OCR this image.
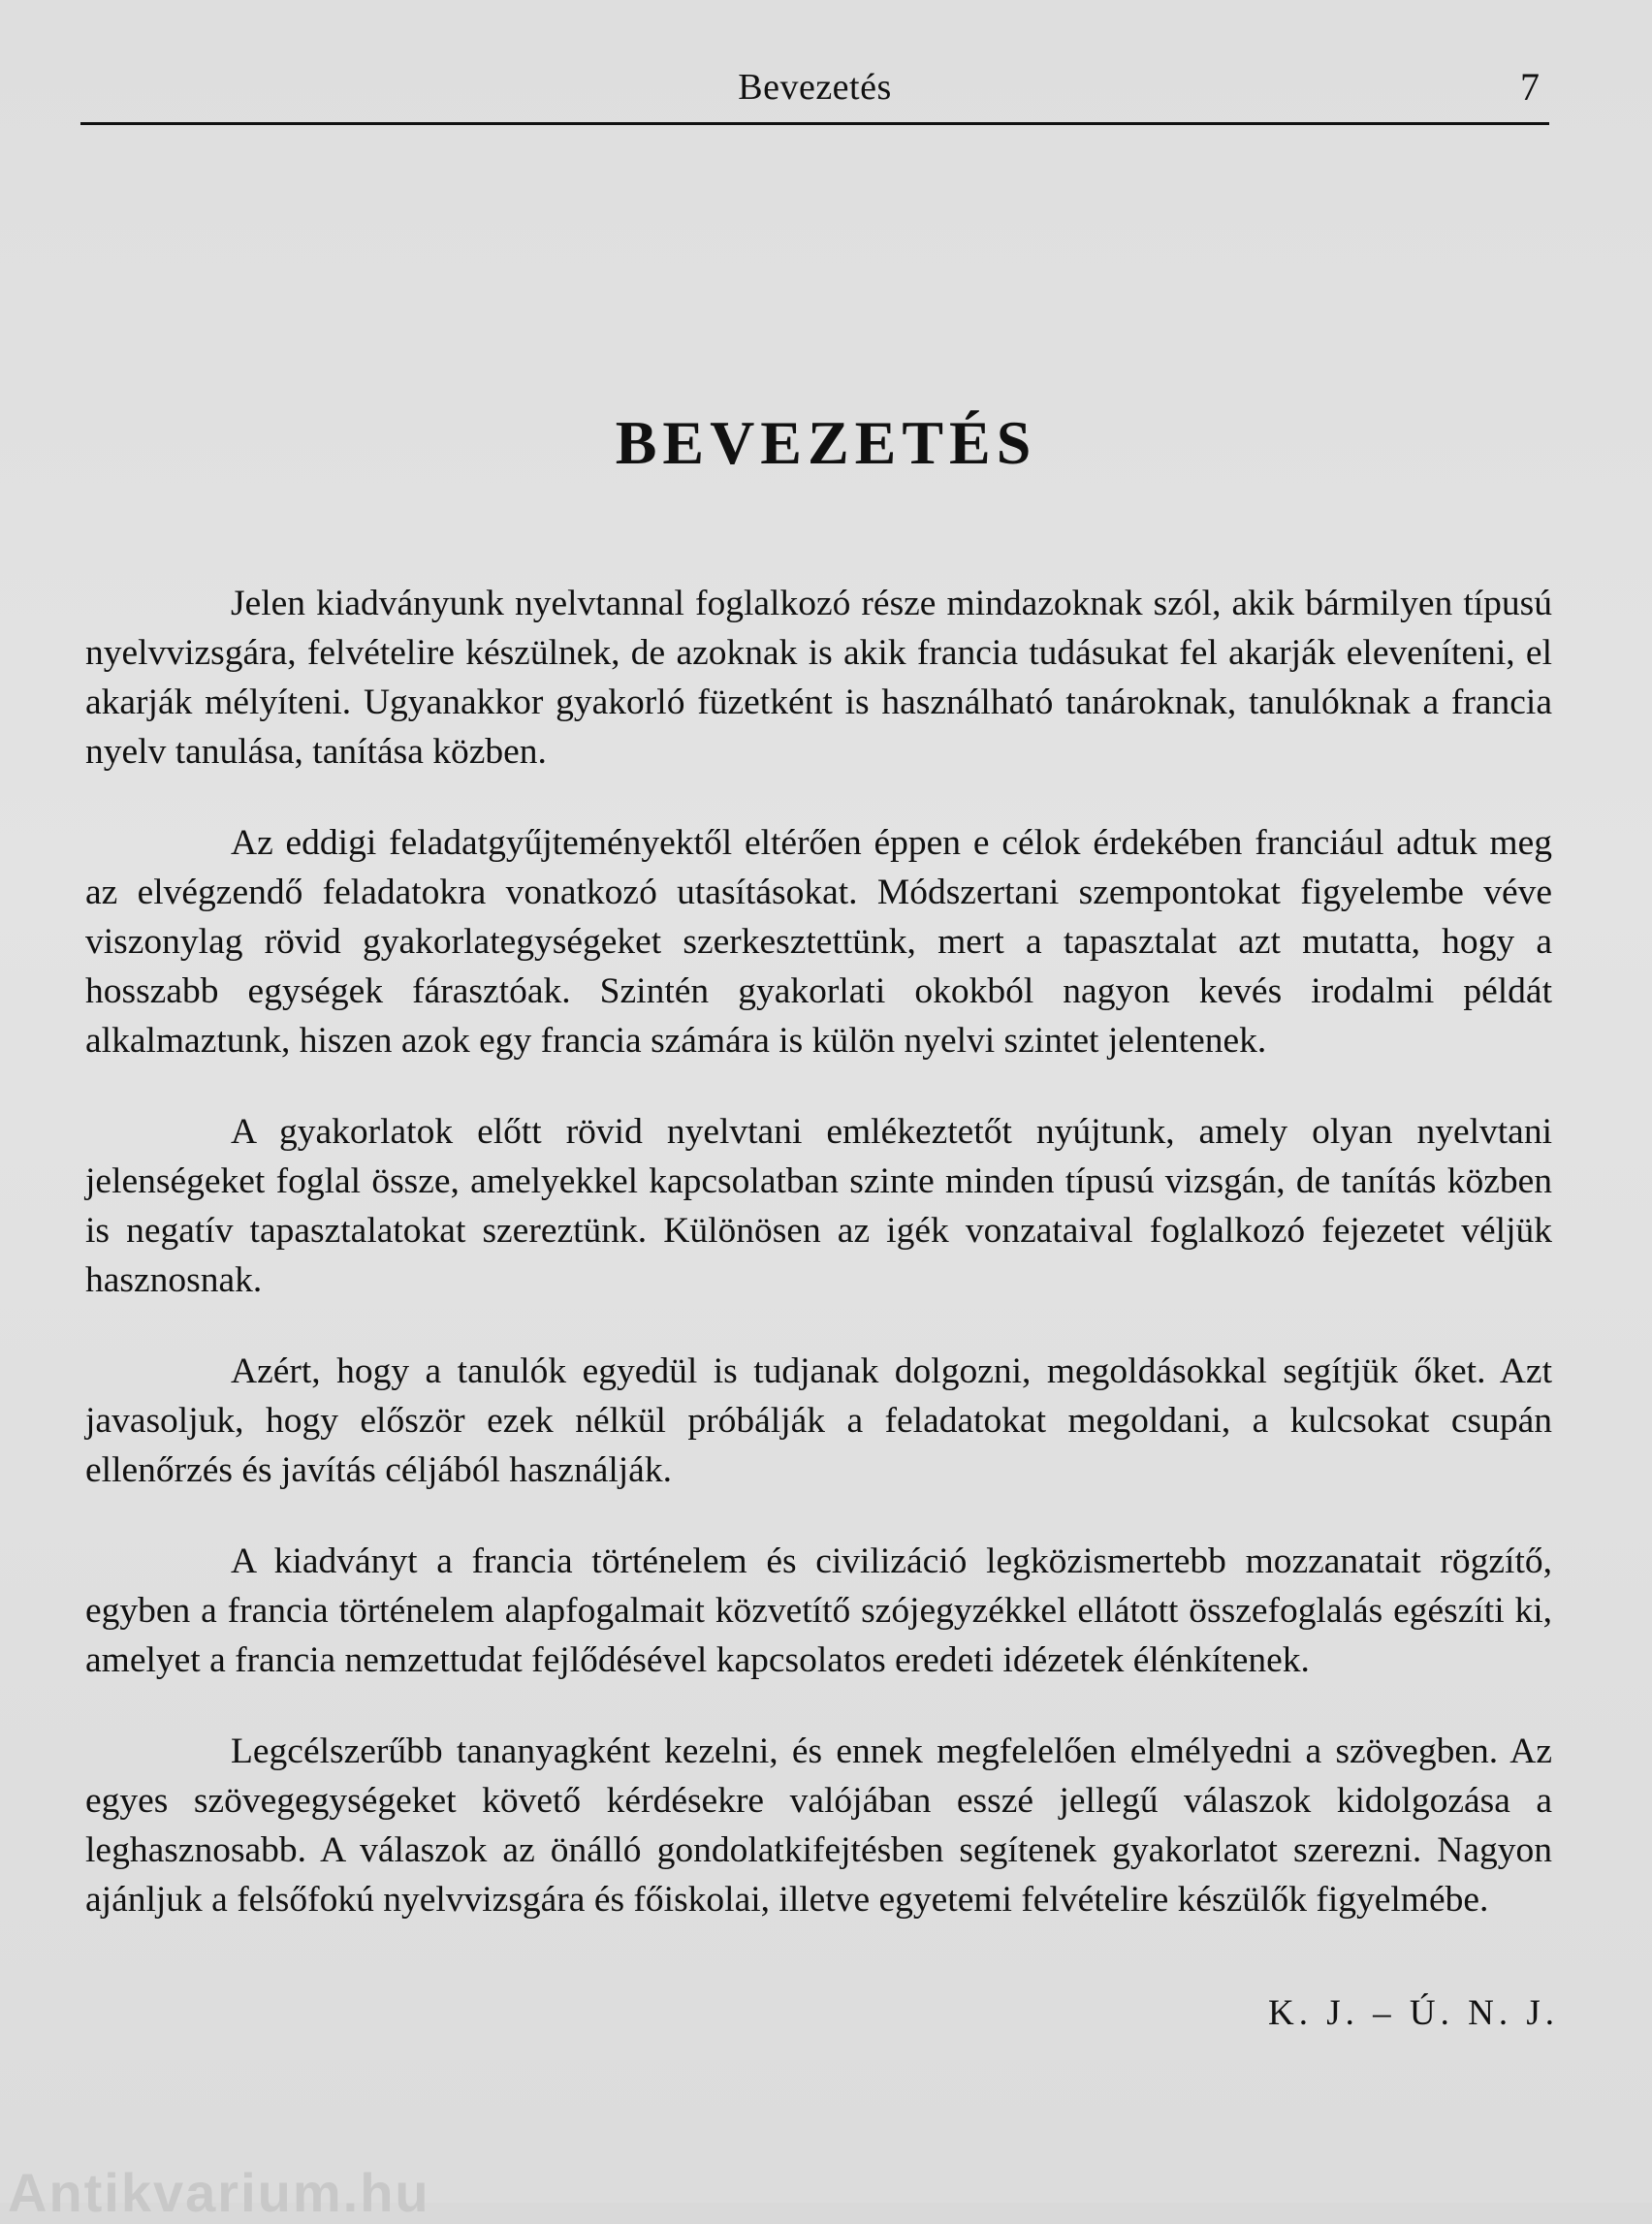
Bevezetés	7
BEVEZETÉS

Jelen kiadványunk nyelvtannal foglalkozó része mindazoknak szól, akik bármilyen típusú nyelvvizsgára, felvételire készülnek, de azoknak is akik francia tudásukat fel akarják eleveníteni, el akarják mélyíteni. Ugyanakkor gyakorló füzetként is használható tanároknak, tanulóknak a francia nyelv tanulása, tanítása közben.

Az eddigi feladatgyűjteményektől eltérően éppen e célok érdekében franciául adtuk meg az elvégzendő feladatokra vonatkozó utasításokat. Módszertani szempontokat figyelembe véve viszonylag rövid gyakorlategységeket szerkesztettünk, mert a tapasztalat azt mutatta, hogy a hosszabb egységek fárasztóak. Szintén gyakorlati okokból nagyon kevés irodalmi példát alkalmaztunk, hiszen azok egy francia számára is külön nyelvi szintet jelentenek.

A gyakorlatok előtt rövid nyelvtani emlékeztetőt nyújtunk, amely olyan nyelvtani jelenségeket foglal össze, amelyekkel kapcsolatban szinte minden típusú vizsgán, de tanítás közben is negatív tapasztalatokat szereztünk. Különösen az igék vonzataival foglalkozó fejezetet véljük hasznosnak.

Azért, hogy a tanulók egyedül is tudjanak dolgozni, megoldásokkal segítjük őket. Azt javasoljuk, hogy először ezek nélkül próbálják a feladatokat megoldani, a kulcsokat csupán ellenőrzés és javítás céljából használják.

A kiadványt a francia történelem és civilizáció legközismertebb mozzanatait rögzítő, egyben a francia történelem alapfogalmait közvetítő szójegyzékkel ellátott összefoglalás egészíti ki, amelyet a francia nemzettudat fejlődésével kapcsolatos eredeti idézetek élénkítenek.

Legcélszerűbb tananyagként kezelni, és ennek megfelelően elmélyedni a szövegben. Az egyes szövegegységeket követő kérdésekre valójában esszé jellegű válaszok kidolgozása a leghasznosabb. A válaszok az önálló gondolatkifejtésben segítenek gyakorlatot szerezni. Nagyon ajánljuk a felsőfokú nyelvvizsgára és főiskolai, illetve egyetemi felvételire készülők figyelmébe.

K. J. – Ú. N. J.
Antikvarium.hu
